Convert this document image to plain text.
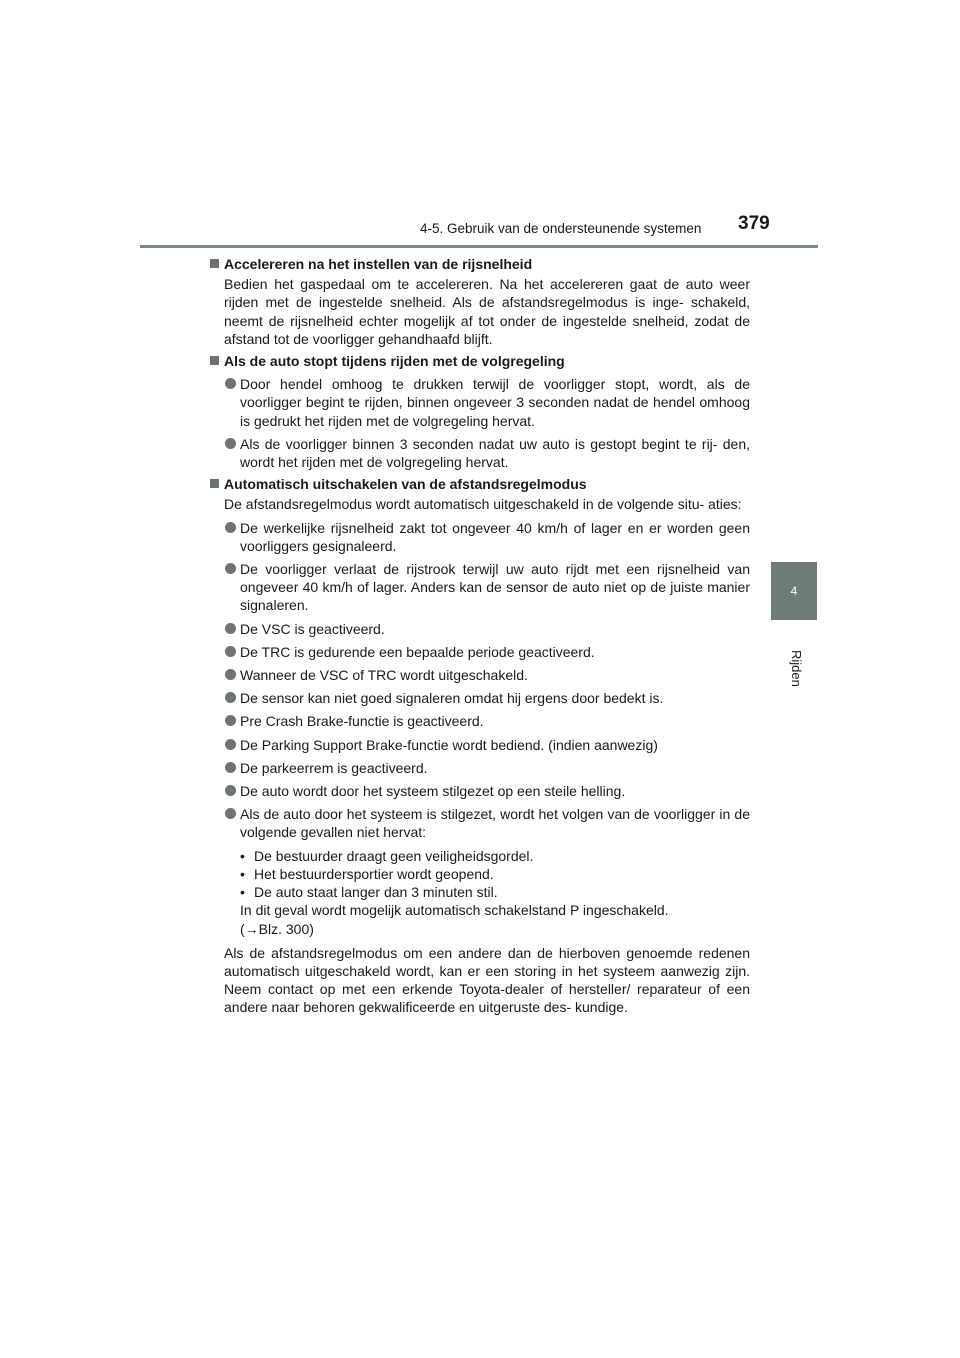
4-5. Gebruik van de ondersteunende systemen 379
4
Rijden
Accelereren na het instellen van de rijsnelheid
Bedien het gaspedaal om te accelereren. Na het accelereren gaat de auto weer rijden met de ingestelde snelheid. Als de afstandsregelmodus is inge- schakeld, neemt de rijsnelheid echter mogelijk af tot onder de ingestelde snelheid, zodat de afstand tot de voorligger gehandhaafd blijft.
Als de auto stopt tijdens rijden met de volgregeling
Door hendel omhoog te drukken terwijl de voorligger stopt, wordt, als de voorligger begint te rijden, binnen ongeveer 3 seconden nadat de hendel omhoog is gedrukt het rijden met de volgregeling hervat.
Als de voorligger binnen 3 seconden nadat uw auto is gestopt begint te rij- den, wordt het rijden met de volgregeling hervat.
Automatisch uitschakelen van de afstandsregelmodus
De afstandsregelmodus wordt automatisch uitgeschakeld in de volgende situ- aties:
De werkelijke rijsnelheid zakt tot ongeveer 40 km/h of lager en er worden geen voorliggers gesignaleerd.
De voorligger verlaat de rijstrook terwijl uw auto rijdt met een rijsnelheid van ongeveer 40 km/h of lager. Anders kan de sensor de auto niet op de juiste manier signaleren.
De VSC is geactiveerd.
De TRC is gedurende een bepaalde periode geactiveerd.
Wanneer de VSC of TRC wordt uitgeschakeld.
De sensor kan niet goed signaleren omdat hij ergens door bedekt is.
Pre Crash Brake-functie is geactiveerd.
De Parking Support Brake-functie wordt bediend. (indien aanwezig)
De parkeerrem is geactiveerd.
De auto wordt door het systeem stilgezet op een steile helling.
Als de auto door het systeem is stilgezet, wordt het volgen van de voorligger in de volgende gevallen niet hervat:
• De bestuurder draagt geen veiligheidsgordel.
• Het bestuurdersportier wordt geopend.
• De auto staat langer dan 3 minuten stil.
In dit geval wordt mogelijk automatisch schakelstand P ingeschakeld.
(→Blz. 300)
Als de afstandsregelmodus om een andere dan de hierboven genoemde redenen automatisch uitgeschakeld wordt, kan er een storing in het systeem aanwezig zijn. Neem contact op met een erkende Toyota-dealer of hersteller/ reparateur of een andere naar behoren gekwalificeerde en uitgeruste des- kundige.
